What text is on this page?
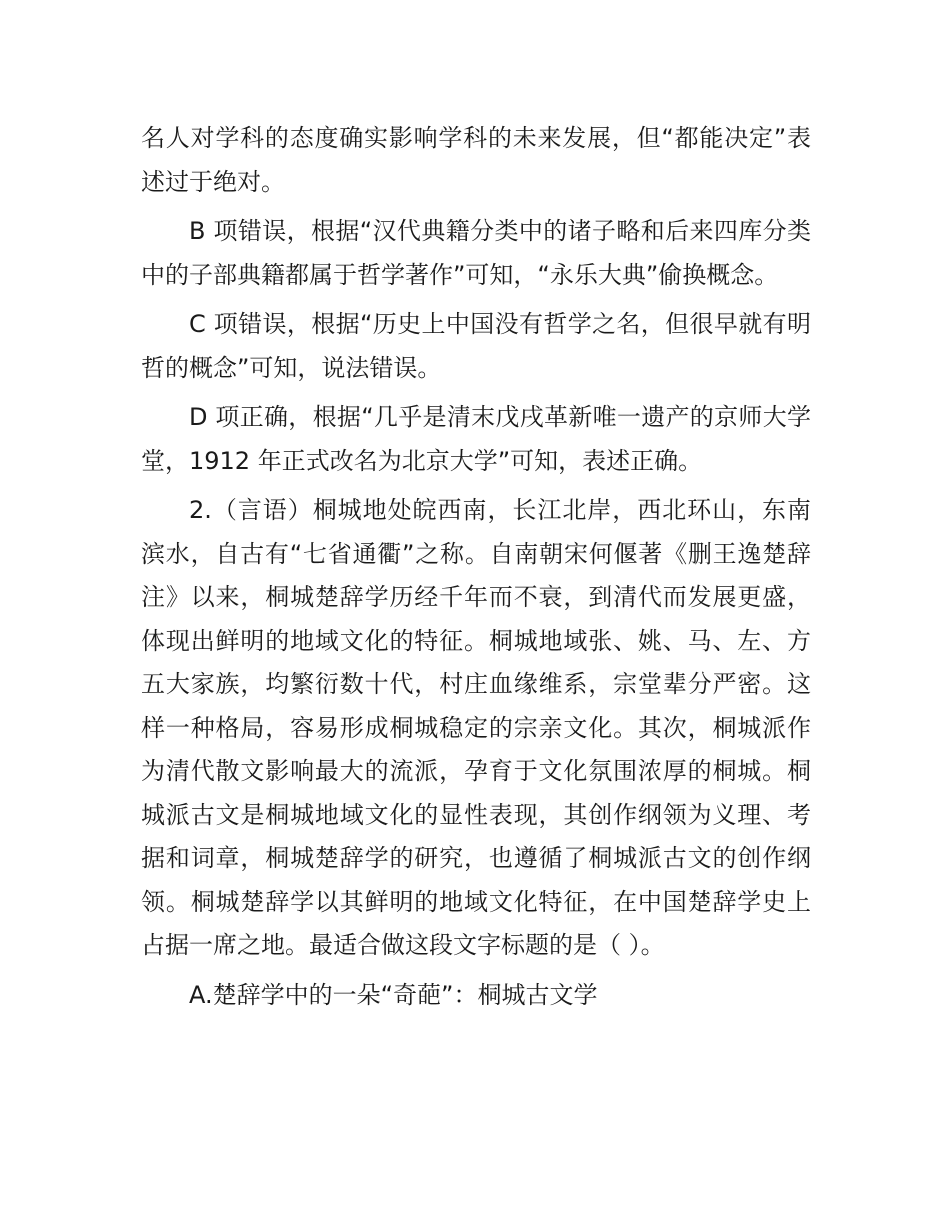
名人对学科的态度确实影响学科的未来发展，但“都能决定”表述过于绝对。

B 项错误，根据“汉代典籍分类中的诸子略和后来四库分类中的子部典籍都属于哲学著作”可知，“永乐大典”偷换概念。

C 项错误，根据“历史上中国没有哲学之名，但很早就有明哲的概念”可知，说法错误。

D 项正确，根据“几乎是清末戊戌革新唯一遗产的京师大学堂，1912 年正式改名为北京大学”可知，表述正确。

2.（言语）桐城地处皖西南，长江北岸，西北环山，东南滨水，自古有“七省通衢”之称。自南朝宋何偃著《删王逸楚辞注》以来，桐城楚辞学历经千年而不衰，到清代而发展更盛，体现出鲜明的地域文化的特征。桐城地域张、姚、马、左、方五大家族，均繁衍数十代，村庄血缘维系，宗堂辈分严密。这样一种格局，容易形成桐城稳定的宗亲文化。其次，桐城派作为清代散文影响最大的流派，孕育于文化氛围浓厚的桐城。桐城派古文是桐城地域文化的显性表现，其创作纲领为义理、考据和词章，桐城楚辞学的研究，也遵循了桐城派古文的创作纲领。桐城楚辞学以其鲜明的地域文化特征，在中国楚辞学史上占据一席之地。最适合做这段文字标题的是（ ）。

A.楚辞学中的一朵“奇葩”：桐城古文学
